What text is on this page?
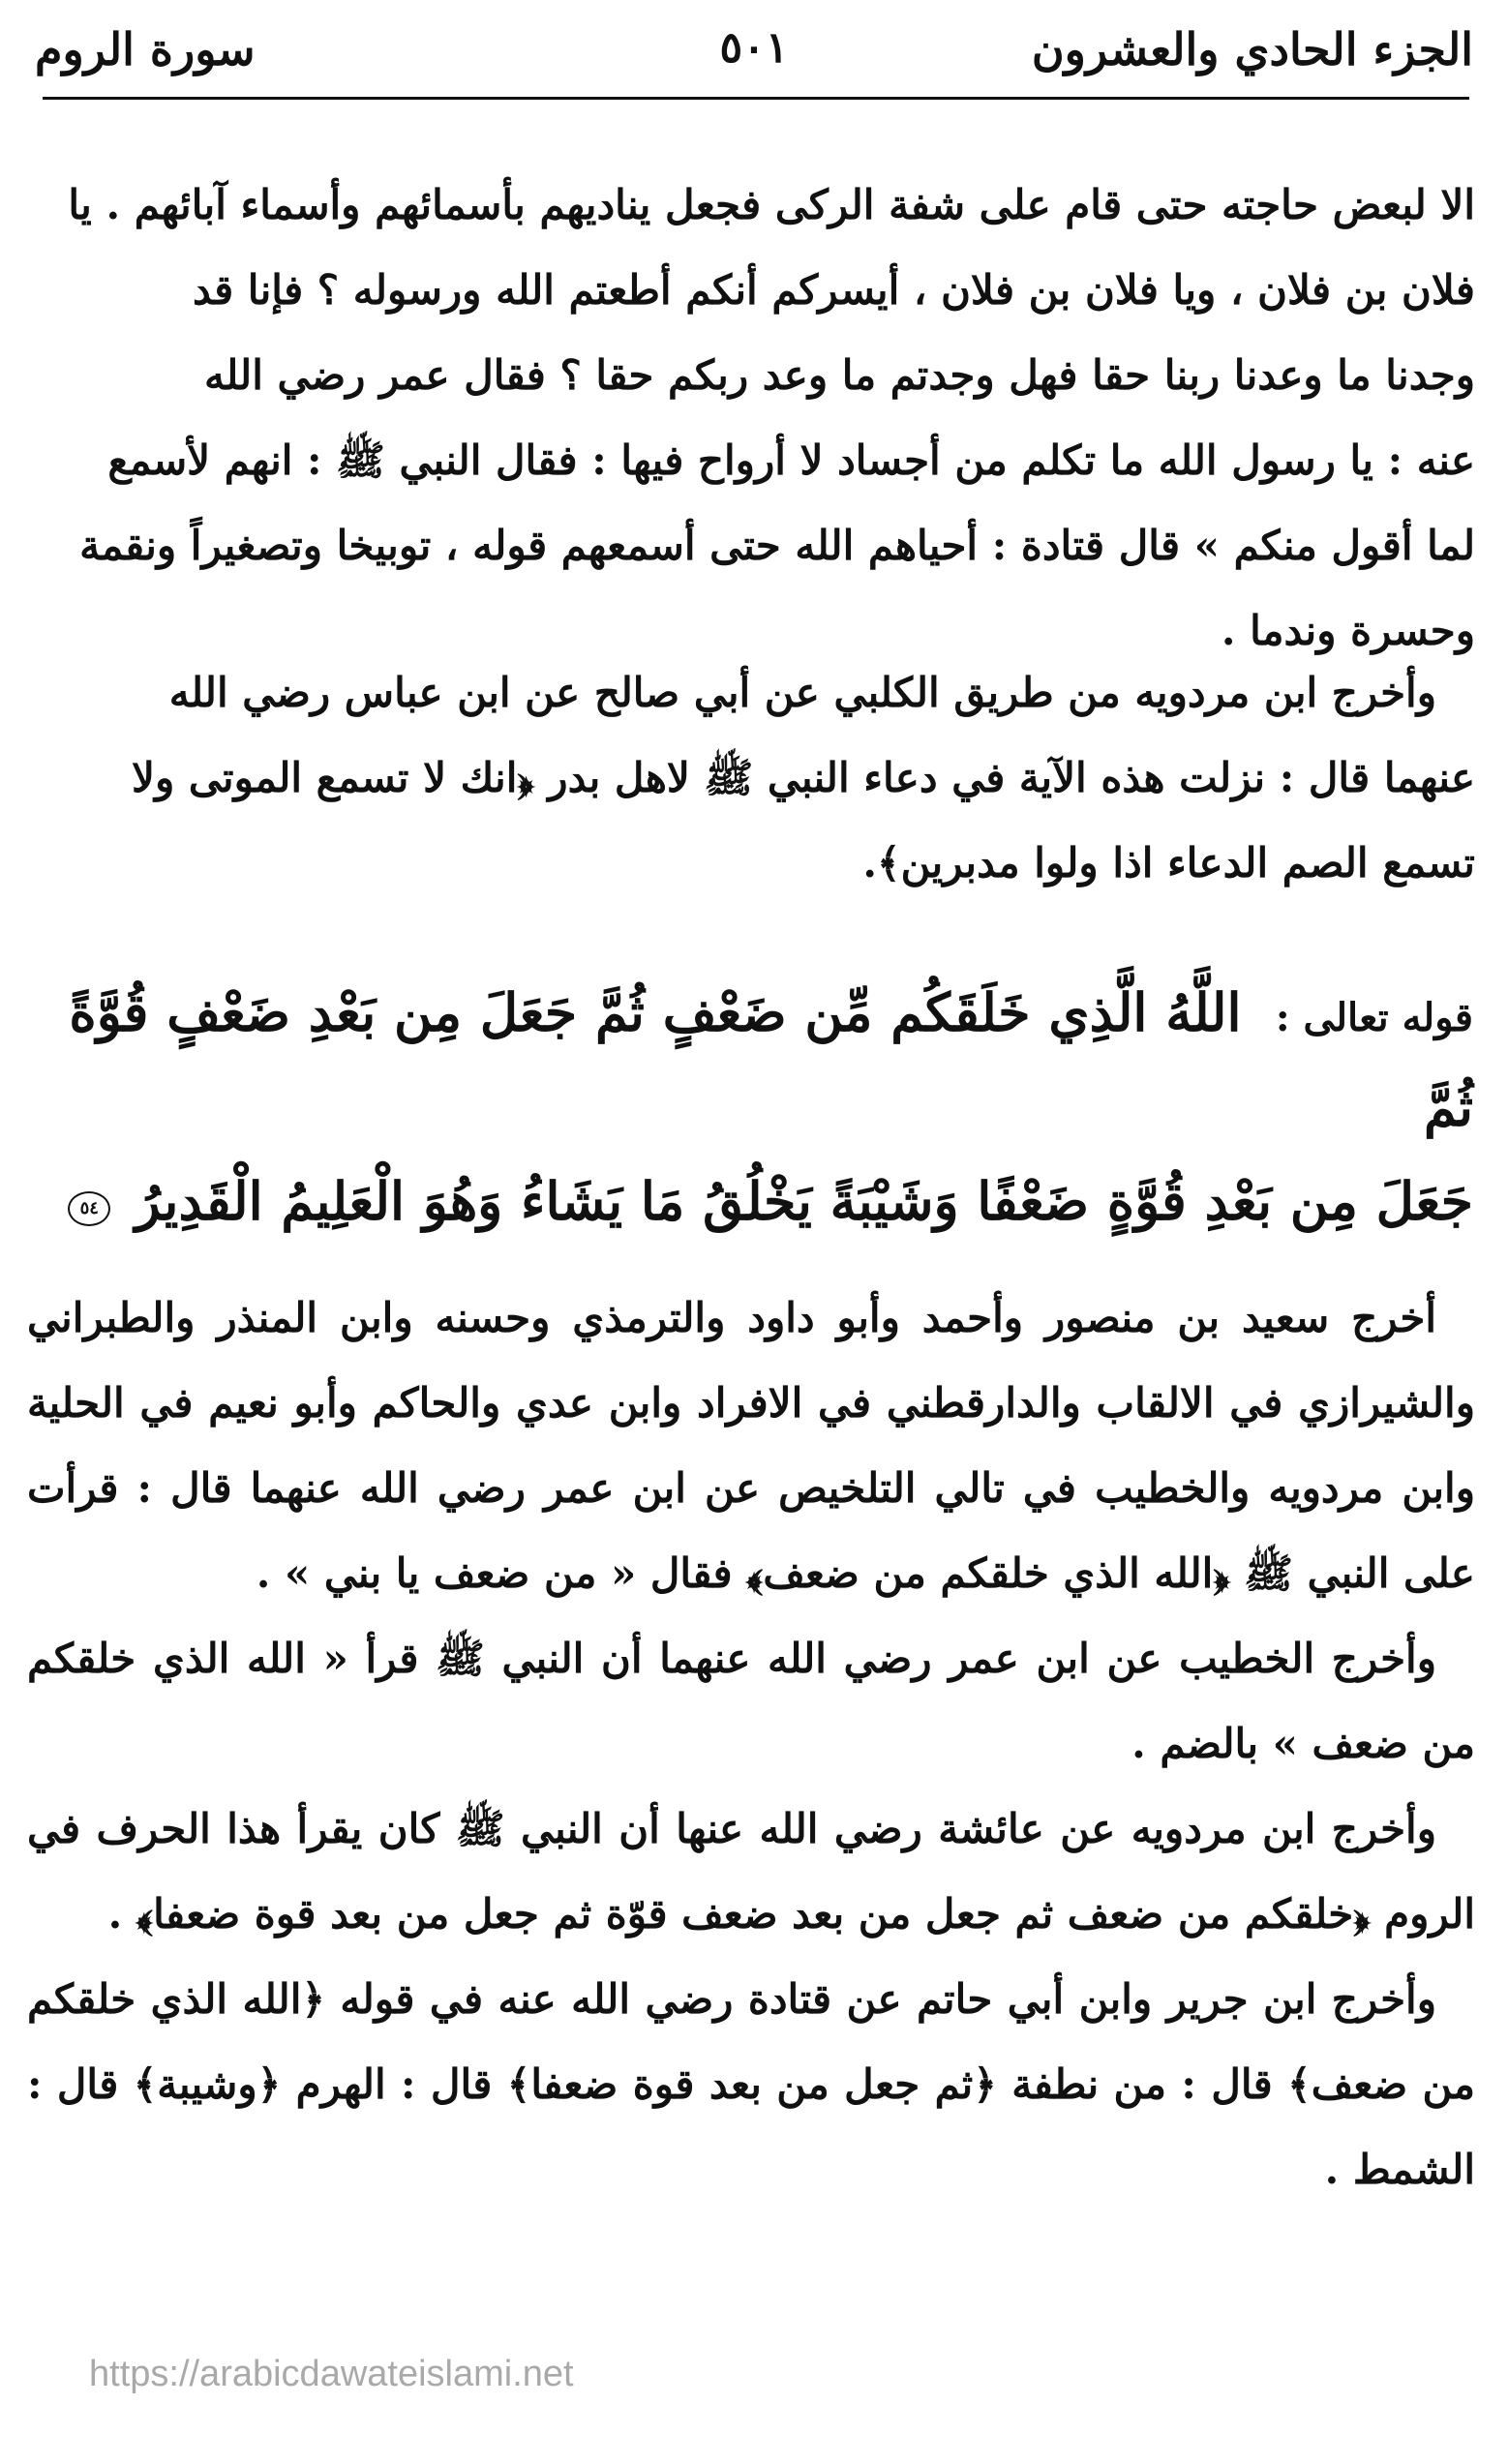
الجزء الحادي والعشرون
٥٠١
سورة الروم

الا لبعض حاجته حتى قام على شفة الركى فجعل يناديهم بأسمائهم وأسماء آبائهم . يا

فلان بن فلان ، ويا فلان بن فلان ، أيسركم أنكم أطعتم الله ورسوله ؟ فإنا قد

وجدنا ما وعدنا ربنا حقا فهل وجدتم ما وعد ربكم حقا ؟ فقال عمر رضي الله

عنه : يا رسول الله ما تكلم من أجساد لا أرواح فيها : فقال النبي ﷺ : انهم لأسمع

لما أقول منكم » قال قتادة : أحياهم الله حتى أسمعهم قوله ، توبيخا وتصغيراً ونقمة

وحسرة وندما .

وأخرج ابن مردويه من طريق الكلبي عن أبي صالح عن ابن عباس رضي الله

عنهما قال : نزلت هذه الآية في دعاء النبي ﷺ لاهل بدر ﴿انك لا تسمع الموتى ولا

تسمع الصم الدعاء اذا ولوا مدبرين﴾.

قوله تعالى : اللَّهُ الَّذِي خَلَقَكُم مِّن ضَعْفٍ ثُمَّ جَعَلَ مِن بَعْدِ ضَعْفٍ قُوَّةً ثُمَّ
جَعَلَ مِن بَعْدِ قُوَّةٍ ضَعْفًا وَشَيْبَةً يَخْلُقُ مَا يَشَاءُ وَهُوَ الْعَلِيمُ الْقَدِيرُ ٥٤

أخرج سعيد بن منصور وأحمد وأبو داود والترمذي وحسنه وابن المنذر والطبراني والشيرازي في الالقاب والدارقطني في الافراد وابن عدي والحاكم وأبو نعيم في الحلية وابن مردويه والخطيب في تالي التلخيص عن ابن عمر رضي الله عنهما قال : قرأت على النبي ﷺ ﴿الله الذي خلقكم من ضعف﴾ فقال « من ضعف يا بني » .

وأخرج الخطيب عن ابن عمر رضي الله عنهما أن النبي ﷺ قرأ « الله الذي خلقكم من ضعف » بالضم .

وأخرج ابن مردويه عن عائشة رضي الله عنها أن النبي ﷺ كان يقرأ هذا الحرف في الروم ﴿خلقكم من ضعف ثم جعل من بعد ضعف قوّة ثم جعل من بعد قوة ضعفا﴾ .

وأخرج ابن جرير وابن أبي حاتم عن قتادة رضي الله عنه في قوله ﴿الله الذي خلقكم من ضعف﴾ قال : من نطفة ﴿ثم جعل من بعد قوة ضعفا﴾ قال : الهرم ﴿وشيبة﴾ قال : الشمط .

https://arabicdawateislami.net
